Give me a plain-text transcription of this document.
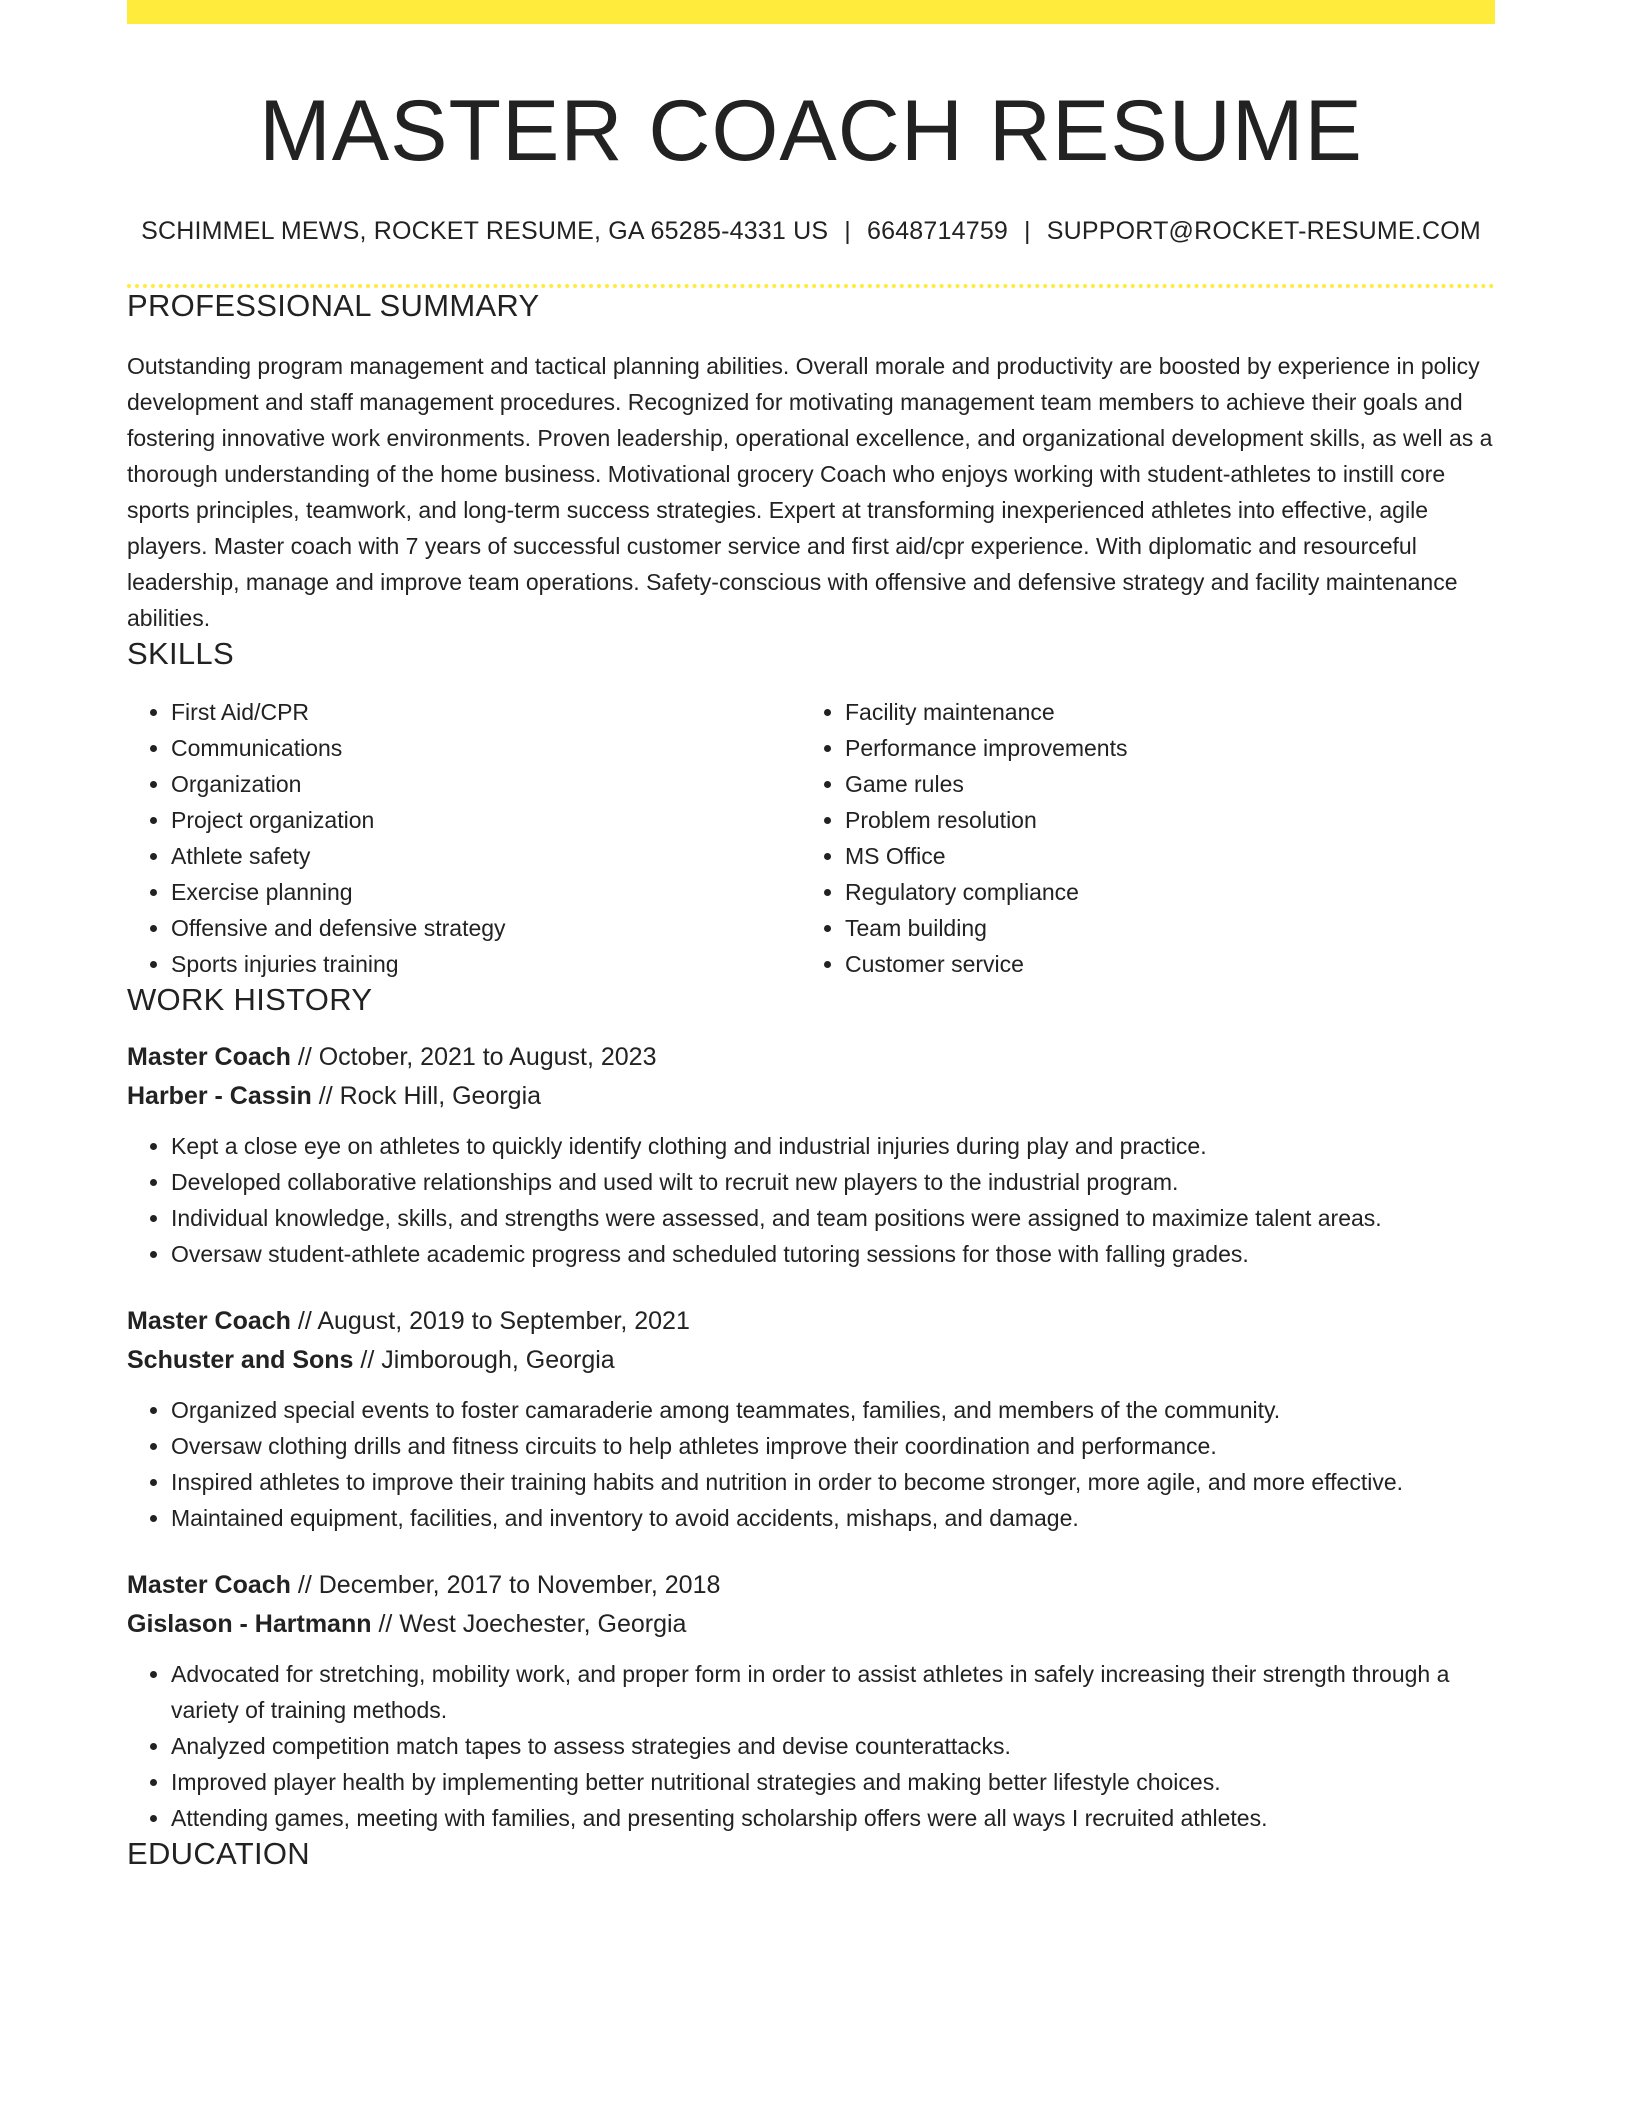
MASTER COACH RESUME
SCHIMMEL MEWS, ROCKET RESUME, GA 65285-4331 US | 6648714759 | SUPPORT@ROCKET-RESUME.COM
PROFESSIONAL SUMMARY

Outstanding program management and tactical planning abilities. Overall morale and productivity are boosted by experience in policy development and staff management procedures. Recognized for motivating management team members to achieve their goals and fostering innovative work environments. Proven leadership, operational excellence, and organizational development skills, as well as a thorough understanding of the home business. Motivational grocery Coach who enjoys working with student-athletes to instill core sports principles, teamwork, and long-term success strategies. Expert at transforming inexperienced athletes into effective, agile players. Master coach with 7 years of successful customer service and first aid/cpr experience. With diplomatic and resourceful leadership, manage and improve team operations. Safety-conscious with offensive and defensive strategy and facility maintenance abilities.

SKILLS
• First Aid/CPR
• Communications
• Organization
• Project organization
• Athlete safety
• Exercise planning
• Offensive and defensive strategy
• Sports injuries training
• Facility maintenance
• Performance improvements
• Game rules
• Problem resolution
• MS Office
• Regulatory compliance
• Team building
• Customer service
WORK HISTORY
Master Coach // October, 2021 to August, 2023
Harber - Cassin // Rock Hill, Georgia
• Kept a close eye on athletes to quickly identify clothing and industrial injuries during play and practice.
• Developed collaborative relationships and used wilt to recruit new players to the industrial program.
• Individual knowledge, skills, and strengths were assessed, and team positions were assigned to maximize talent areas.
• Oversaw student-athlete academic progress and scheduled tutoring sessions for those with falling grades.
Master Coach // August, 2019 to September, 2021
Schuster and Sons // Jimborough, Georgia
• Organized special events to foster camaraderie among teammates, families, and members of the community.
• Oversaw clothing drills and fitness circuits to help athletes improve their coordination and performance.
• Inspired athletes to improve their training habits and nutrition in order to become stronger, more agile, and more effective.
• Maintained equipment, facilities, and inventory to avoid accidents, mishaps, and damage.
Master Coach // December, 2017 to November, 2018
Gislason - Hartmann // West Joechester, Georgia
• Advocated for stretching, mobility work, and proper form in order to assist athletes in safely increasing their strength through a variety of training methods.
• Analyzed competition match tapes to assess strategies and devise counterattacks.
• Improved player health by implementing better nutritional strategies and making better lifestyle choices.
• Attending games, meeting with families, and presenting scholarship offers were all ways I recruited athletes.
EDUCATION
